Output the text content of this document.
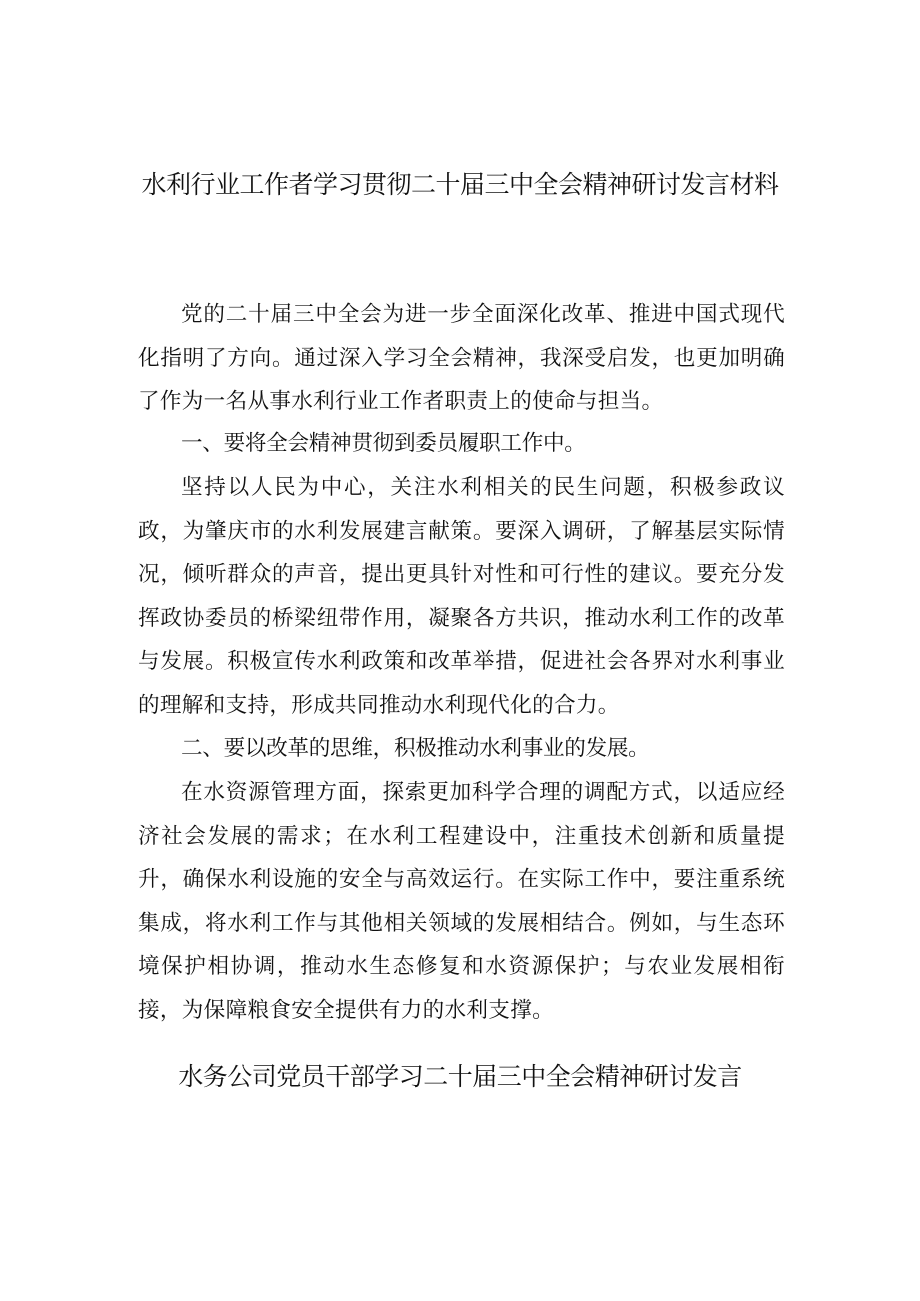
水利行业工作者学习贯彻二十届三中全会精神研讨发言材料

党的二十届三中全会为进一步全面深化改革、推进中国式现代化指明了方向。通过深入学习全会精神，我深受启发，也更加明确了作为一名从事水利行业工作者职责上的使命与担当。

一、要将全会精神贯彻到委员履职工作中。

坚持以人民为中心，关注水利相关的民生问题，积极参政议政，为肇庆市的水利发展建言献策。要深入调研，了解基层实际情况，倾听群众的声音，提出更具针对性和可行性的建议。要充分发挥政协委员的桥梁纽带作用，凝聚各方共识，推动水利工作的改革与发展。积极宣传水利政策和改革举措，促进社会各界对水利事业的理解和支持，形成共同推动水利现代化的合力。

二、要以改革的思维，积极推动水利事业的发展。

在水资源管理方面，探索更加科学合理的调配方式，以适应经济社会发展的需求；在水利工程建设中，注重技术创新和质量提升，确保水利设施的安全与高效运行。在实际工作中，要注重系统集成，将水利工作与其他相关领域的发展相结合。例如，与生态环境保护相协调，推动水生态修复和水资源保护；与农业发展相衔接，为保障粮食安全提供有力的水利支撑。

水务公司党员干部学习二十届三中全会精神研讨发言
